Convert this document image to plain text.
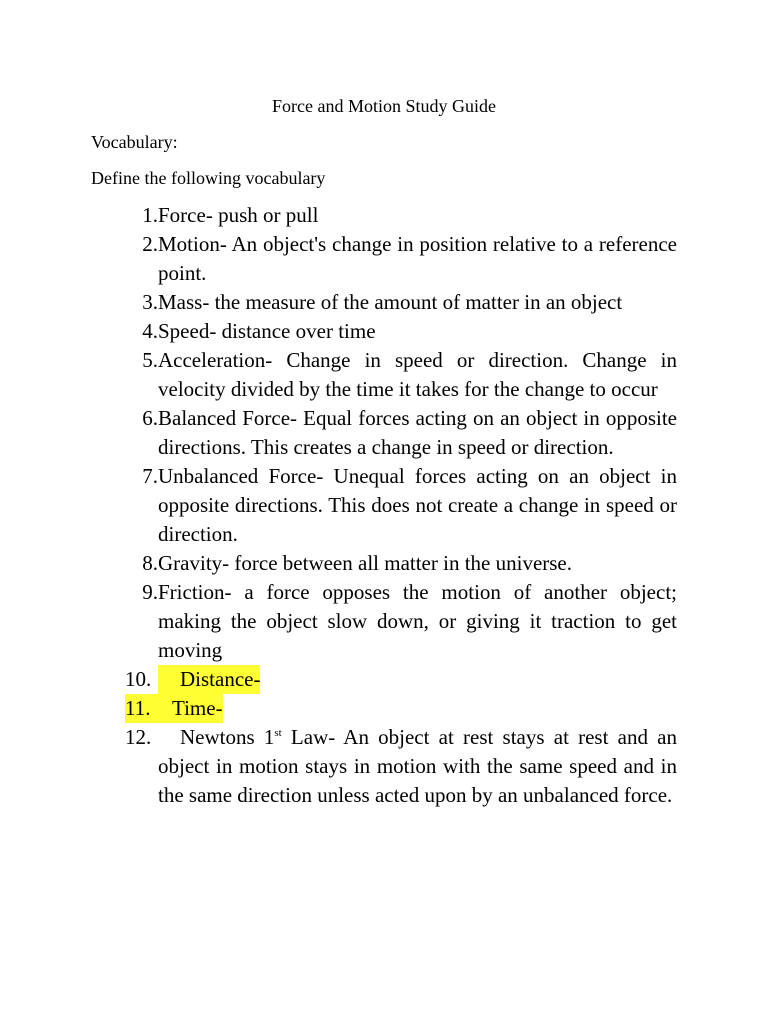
Force and Motion Study Guide
Vocabulary:
Define the following vocabulary
1. Force- push or pull
2. Motion- An object's change in position relative to a reference point.
3. Mass- the measure of the amount of matter in an object
4. Speed- distance over time
5. Acceleration- Change in speed or direction. Change in velocity divided by the time it takes for the change to occur
6. Balanced Force- Equal forces acting on an object in opposite directions. This creates a change in speed or direction.
7. Unbalanced Force- Unequal forces acting on an object in opposite directions. This does not create a change in speed or direction.
8. Gravity- force between all matter in the universe.
9. Friction- a force opposes the motion of another object; making the object slow down, or giving it traction to get moving
10.	Distance-
11.	Time-
12.	Newtons 1st Law- An object at rest stays at rest and an object in motion stays in motion with the same speed and in the same direction unless acted upon by an unbalanced force.
